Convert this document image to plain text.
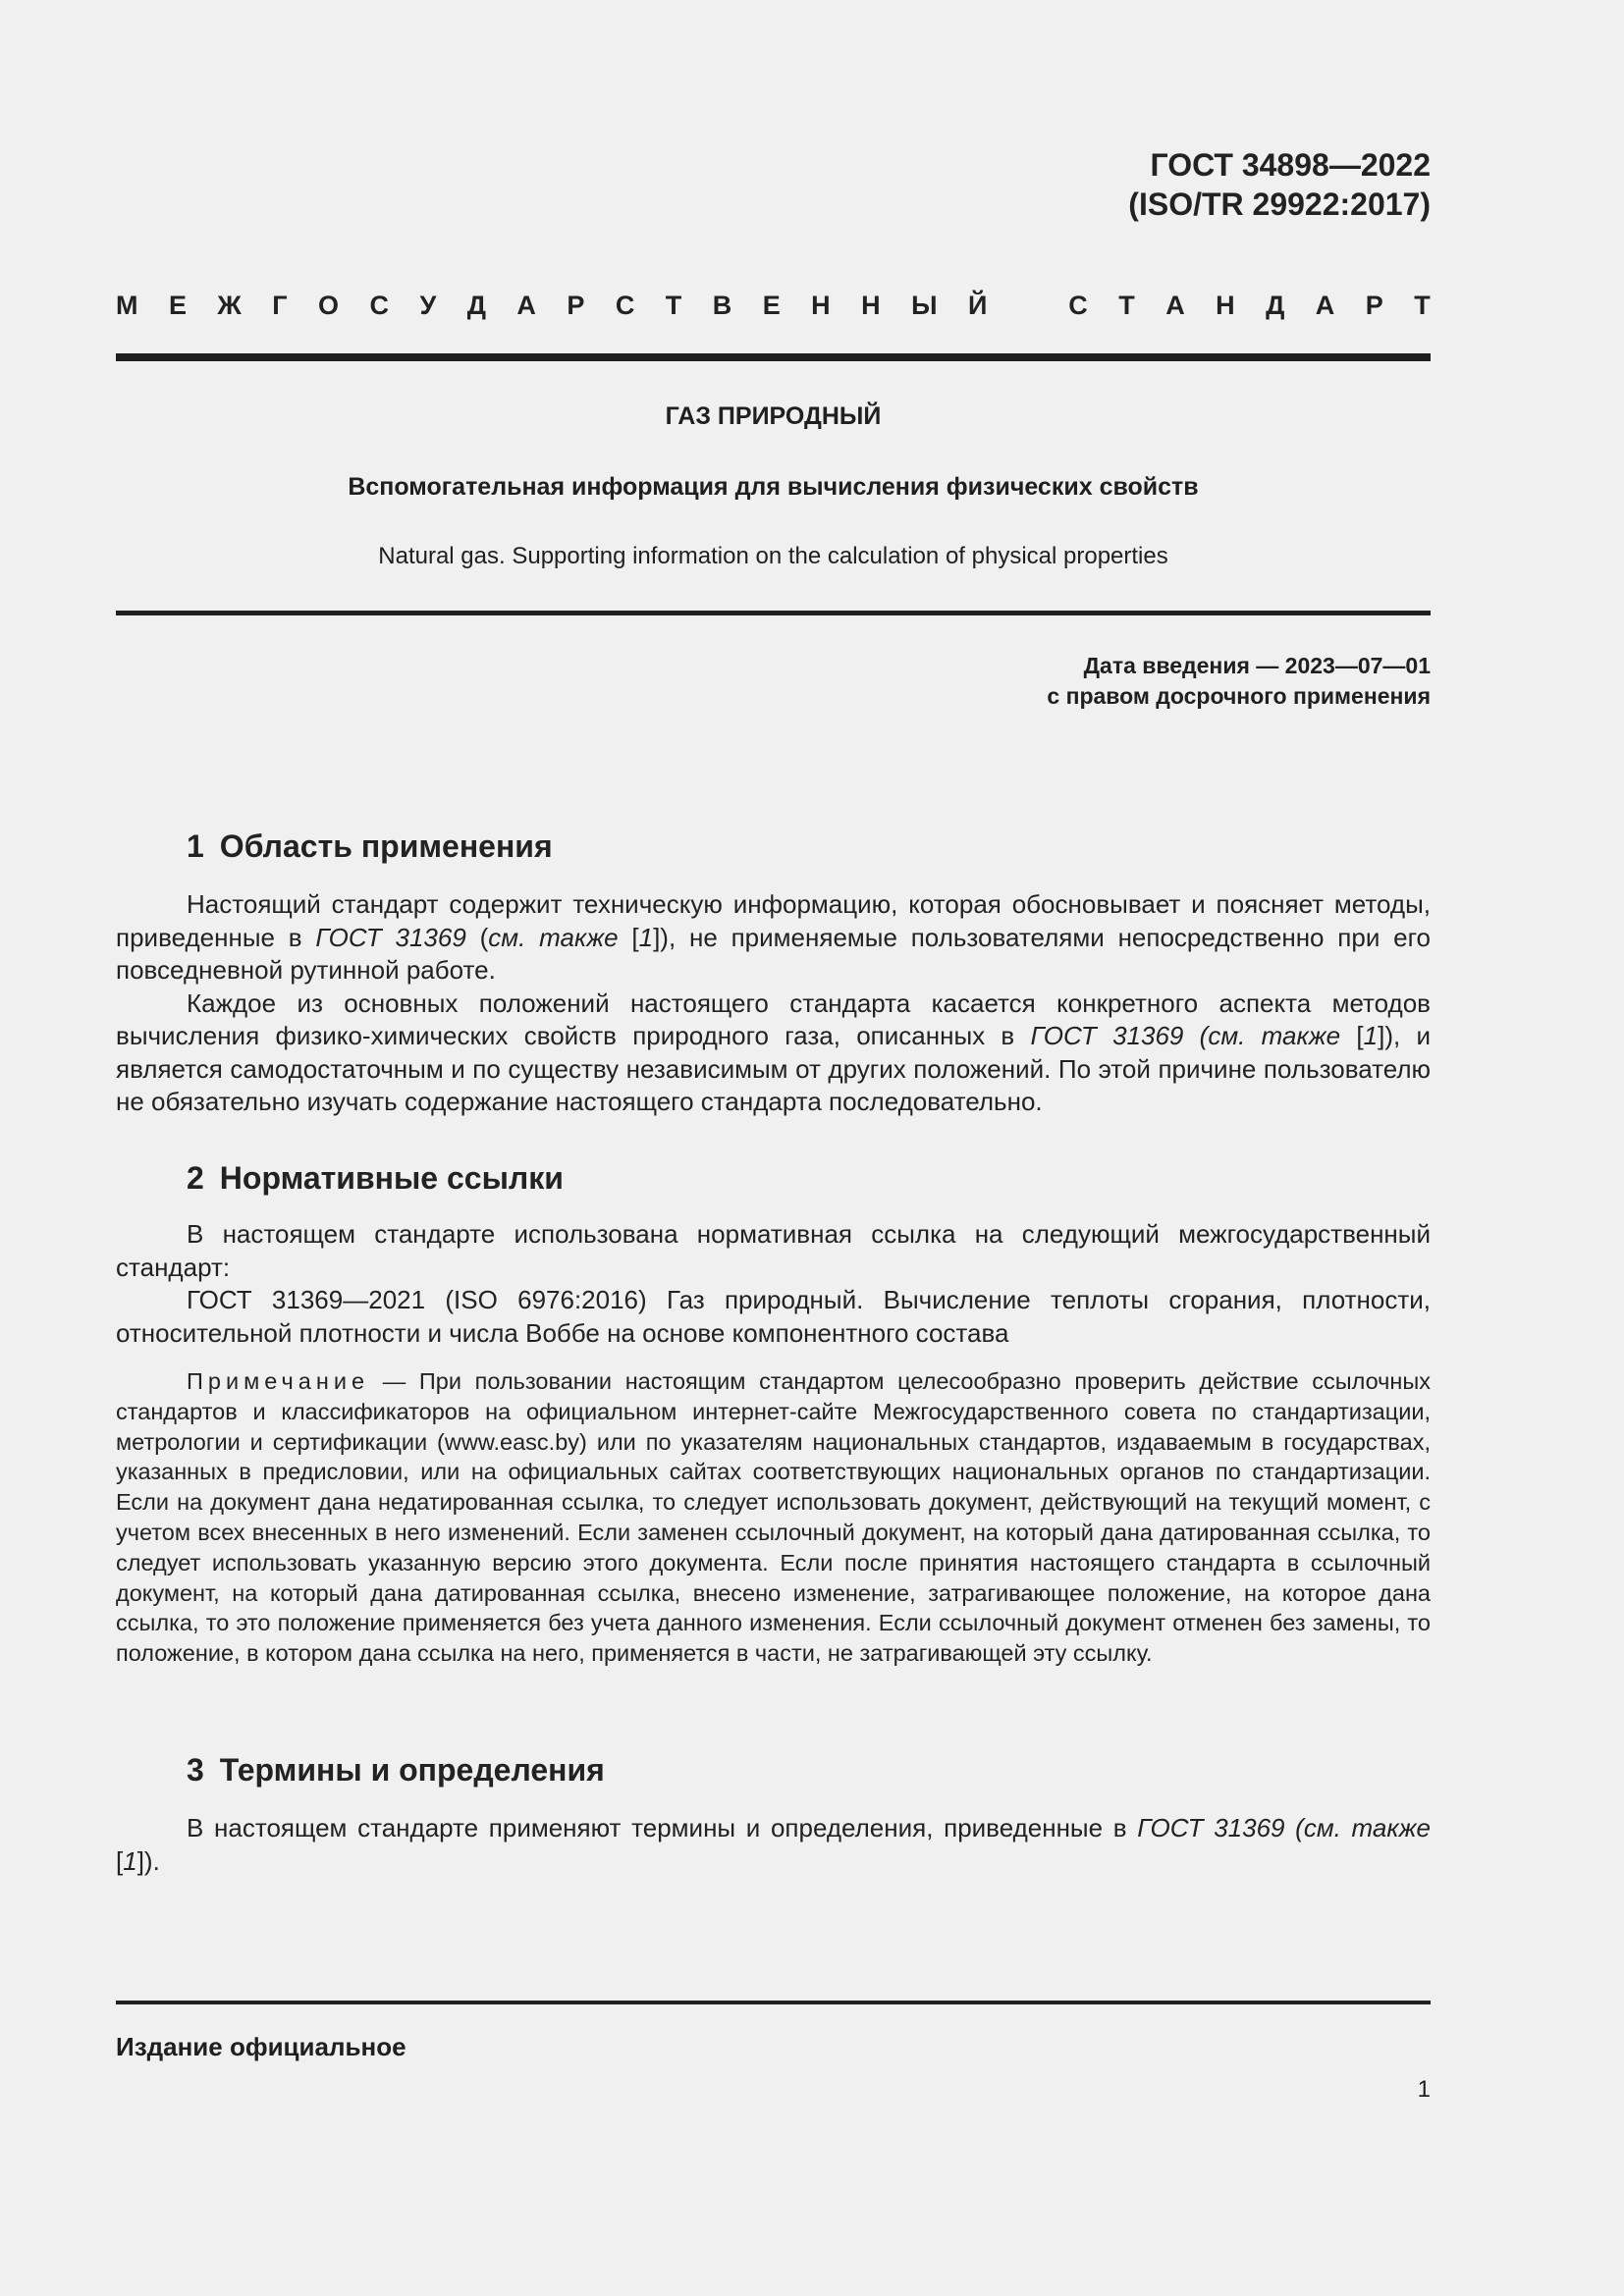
ГОСТ 34898—2022
(ISO/TR 29922:2017)
М Е Ж Г О С У Д А Р С Т В Е Н Н Ы Й	С Т А Н Д А Р Т
ГАЗ ПРИРОДНЫЙ
Вспомогательная информация для вычисления физических свойств
Natural gas. Supporting information on the calculation of physical properties
Дата введения — 2023—07—01
с правом досрочного применения
1 Область применения

Настоящий стандарт содержит техническую информацию, которая обосновывает и поясняет методы, приведенные в ГОСТ 31369 (см. также [1]), не применяемые пользователями непосредственно при его повседневной рутинной работе.

Каждое из основных положений настоящего стандарта касается конкретного аспекта методов вычисления физико-химических свойств природного газа, описанных в ГОСТ 31369 (см. также [1]), и является самодостаточным и по существу независимым от других положений. По этой причине пользователю не обязательно изучать содержание настоящего стандарта последовательно.

2 Нормативные ссылки

В настоящем стандарте использована нормативная ссылка на следующий межгосударственный стандарт:

ГОСТ 31369—2021 (ISO 6976:2016) Газ природный. Вычисление теплоты сгорания, плотности, относительной плотности и числа Воббе на основе компонентного состава

Примечание — При пользовании настоящим стандартом целесообразно проверить действие ссылочных стандартов и классификаторов на официальном интернет-сайте Межгосударственного совета по стандартизации, метрологии и сертификации (www.easc.by) или по указателям национальных стандартов, издаваемым в государствах, указанных в предисловии, или на официальных сайтах соответствующих национальных органов по стандартизации. Если на документ дана недатированная ссылка, то следует использовать документ, действующий на текущий момент, с учетом всех внесенных в него изменений. Если заменен ссылочный документ, на который дана датированная ссылка, то следует использовать указанную версию этого документа. Если после принятия настоящего стандарта в ссылочный документ, на который дана датированная ссылка, внесено изменение, затрагивающее положение, на которое дана ссылка, то это положение применяется без учета данного изменения. Если ссылочный документ отменен без замены, то положение, в котором дана ссылка на него, применяется в части, не затрагивающей эту ссылку.

3 Термины и определения

В настоящем стандарте применяют термины и определения, приведенные в ГОСТ 31369 (см. также [1]).

Издание официальное
1
